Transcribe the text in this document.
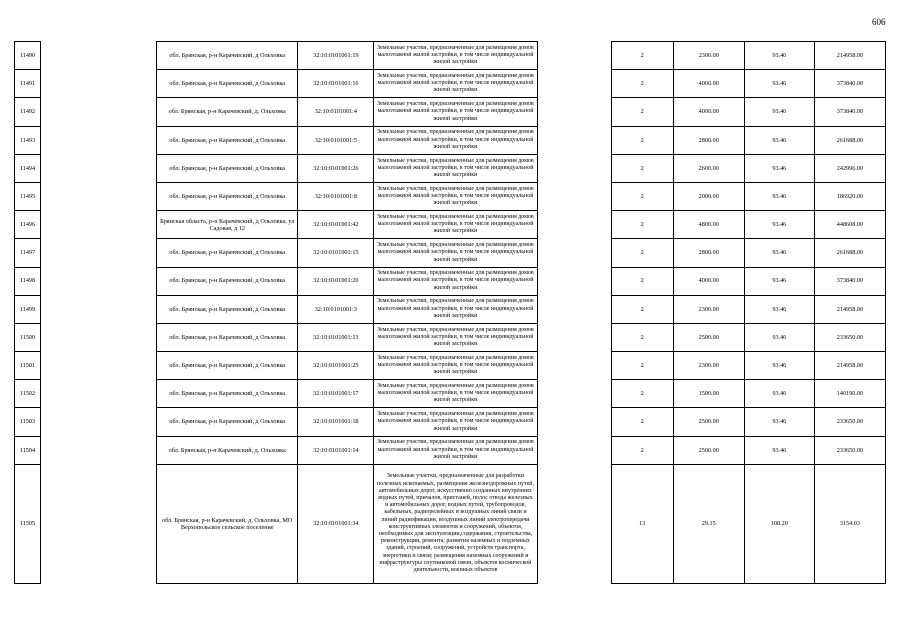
606
11490		обл. Брянская, р-н Карачевский, д Ольховка	32:10:0101001:19	Земельные участки, предназначенные для размещения домов малоэтажной жилой застройки, в том числе индивидуальной жилой застройки		2	2300.00	93.46	214958.00
11491		обл. Брянская, р-н Карачевский, д Ольховка	32:10:0101001:16	Земельные участки, предназначенные для размещения домов малоэтажной жилой застройки, в том числе индивидуальной жилой застройки		2	4000.00	93.46	373840.00
11492		обл. Брянская, р-н Карачевский, д. Ольховка	32:10:0101001:4	Земельные участки, предназначенные для размещения домов малоэтажной жилой застройки, в том числе индивидуальной жилой застройки		2	4000.00	93.46	373840.00
11493		обл. Брянская, р-н Карачевский, д Ольховка	32:10:0101001:5	Земельные участки, предназначенные для размещения домов малоэтажной жилой застройки, в том числе индивидуальной жилой застройки		2	2800.00	93.46	261688.00
11494		обл. Брянская, р-н Карачевский, д Ольховка	32:10:0101001:26	Земельные участки, предназначенные для размещения домов малоэтажной жилой застройки, в том числе индивидуальной жилой застройки		2	2600.00	93.46	242996.00
11495		обл. Брянская, р-н Карачевский, д Ольховка	32:10:0101001:8	Земельные участки, предназначенные для размещения домов малоэтажной жилой застройки, в том числе индивидуальной жилой застройки		2	2000.00	93.46	186920.00
11496		Брянская область, р-н Карачевский, д Ольховка, ул Садовая, д 12	32:10:0101001:42	Земельные участки, предназначенные для размещения домов малоэтажной жилой застройки, в том числе индивидуальной жилой застройки		2	4800.00	93.46	448608.00
11497		обл. Брянская, р-н Карачевский, д Ольховка	32:10:0101001:15	Земельные участки, предназначенные для размещения домов малоэтажной жилой застройки, в том числе индивидуальной жилой застройки		2	2800.00	93.46	261688.00
11498		обл. Брянская, р-н Карачевский, д Ольховка	32:10:0101001:20	Земельные участки, предназначенные для размещения домов малоэтажной жилой застройки, в том числе индивидуальной жилой застройки		2	4000.00	93.46	373840.00
11499		обл. Брянская, р-н Карачевский, д Ольховка	32:10:0101001:3	Земельные участки, предназначенные для размещения домов малоэтажной жилой застройки, в том числе индивидуальной жилой застройки		2	2300.00	93.46	214958.00
11500		обл. Брянская, р-н Карачевский, д Ольховка	32:10:0101001:13	Земельные участки, предназначенные для размещения домов малоэтажной жилой застройки, в том числе индивидуальной жилой застройки		2	2500.00	93.46	233650.00
11501		обл. Брянская, р-н Карачевский, д Ольховка	32:10:0101001:25	Земельные участки, предназначенные для размещения домов малоэтажной жилой застройки, в том числе индивидуальной жилой застройки		2	2300.00	93.46	214958.00
11502		обл. Брянская, р-н Карачевский, д Ольховка	32:10:0101001:17	Земельные участки, предназначенные для размещения домов малоэтажной жилой застройки, в том числе индивидуальной жилой застройки		2	1500.00	93.46	140190.00
11503		обл. Брянская, р-н Карачевский, д Ольховка	32:10:0101001:18	Земельные участки, предназначенные для размещения домов малоэтажной жилой застройки, в том числе индивидуальной жилой застройки		2	2500.00	93.46	233650.00
11504		обл. Брянская, р-н Карачевский, д. Ольховка	32:10:0101001:14	Земельные участки, предназначенные для размещения домов малоэтажной жилой застройки, в том числе индивидуальной жилой застройки		2	2500.00	93.46	233650.00
11505		обл. Брянская, р-н Карачевский, д. Ольховка, МО Верхопольское сельское поселение	32:10:0101001:34	Земельные участки, предназначенные для разработки полезных ископаемых, размещения железнодорожных путей, автомобильных дорог, искусственно созданных внутренних водных путей, причалов, пристаней, полос отвода железных и автомобильных дорог, водных путей, трубопроводов, кабельных, радиорелейных и воздушных линий связи и линий радиофикации, воздушных линий электропередачи конструктивных элементов и сооружений, объектов, необходимых для эксплуатации,содержания, строительства, реконструкции, ремонта, развития наземных и подземных зданий, строений, сооружений, устройств транспорта, энергетики и связи; размещения наземных сооружений и инфраструктуры спутниковой связи, объектов космической деятельности, военных объектов		13	29.15	108.20	3154.03
